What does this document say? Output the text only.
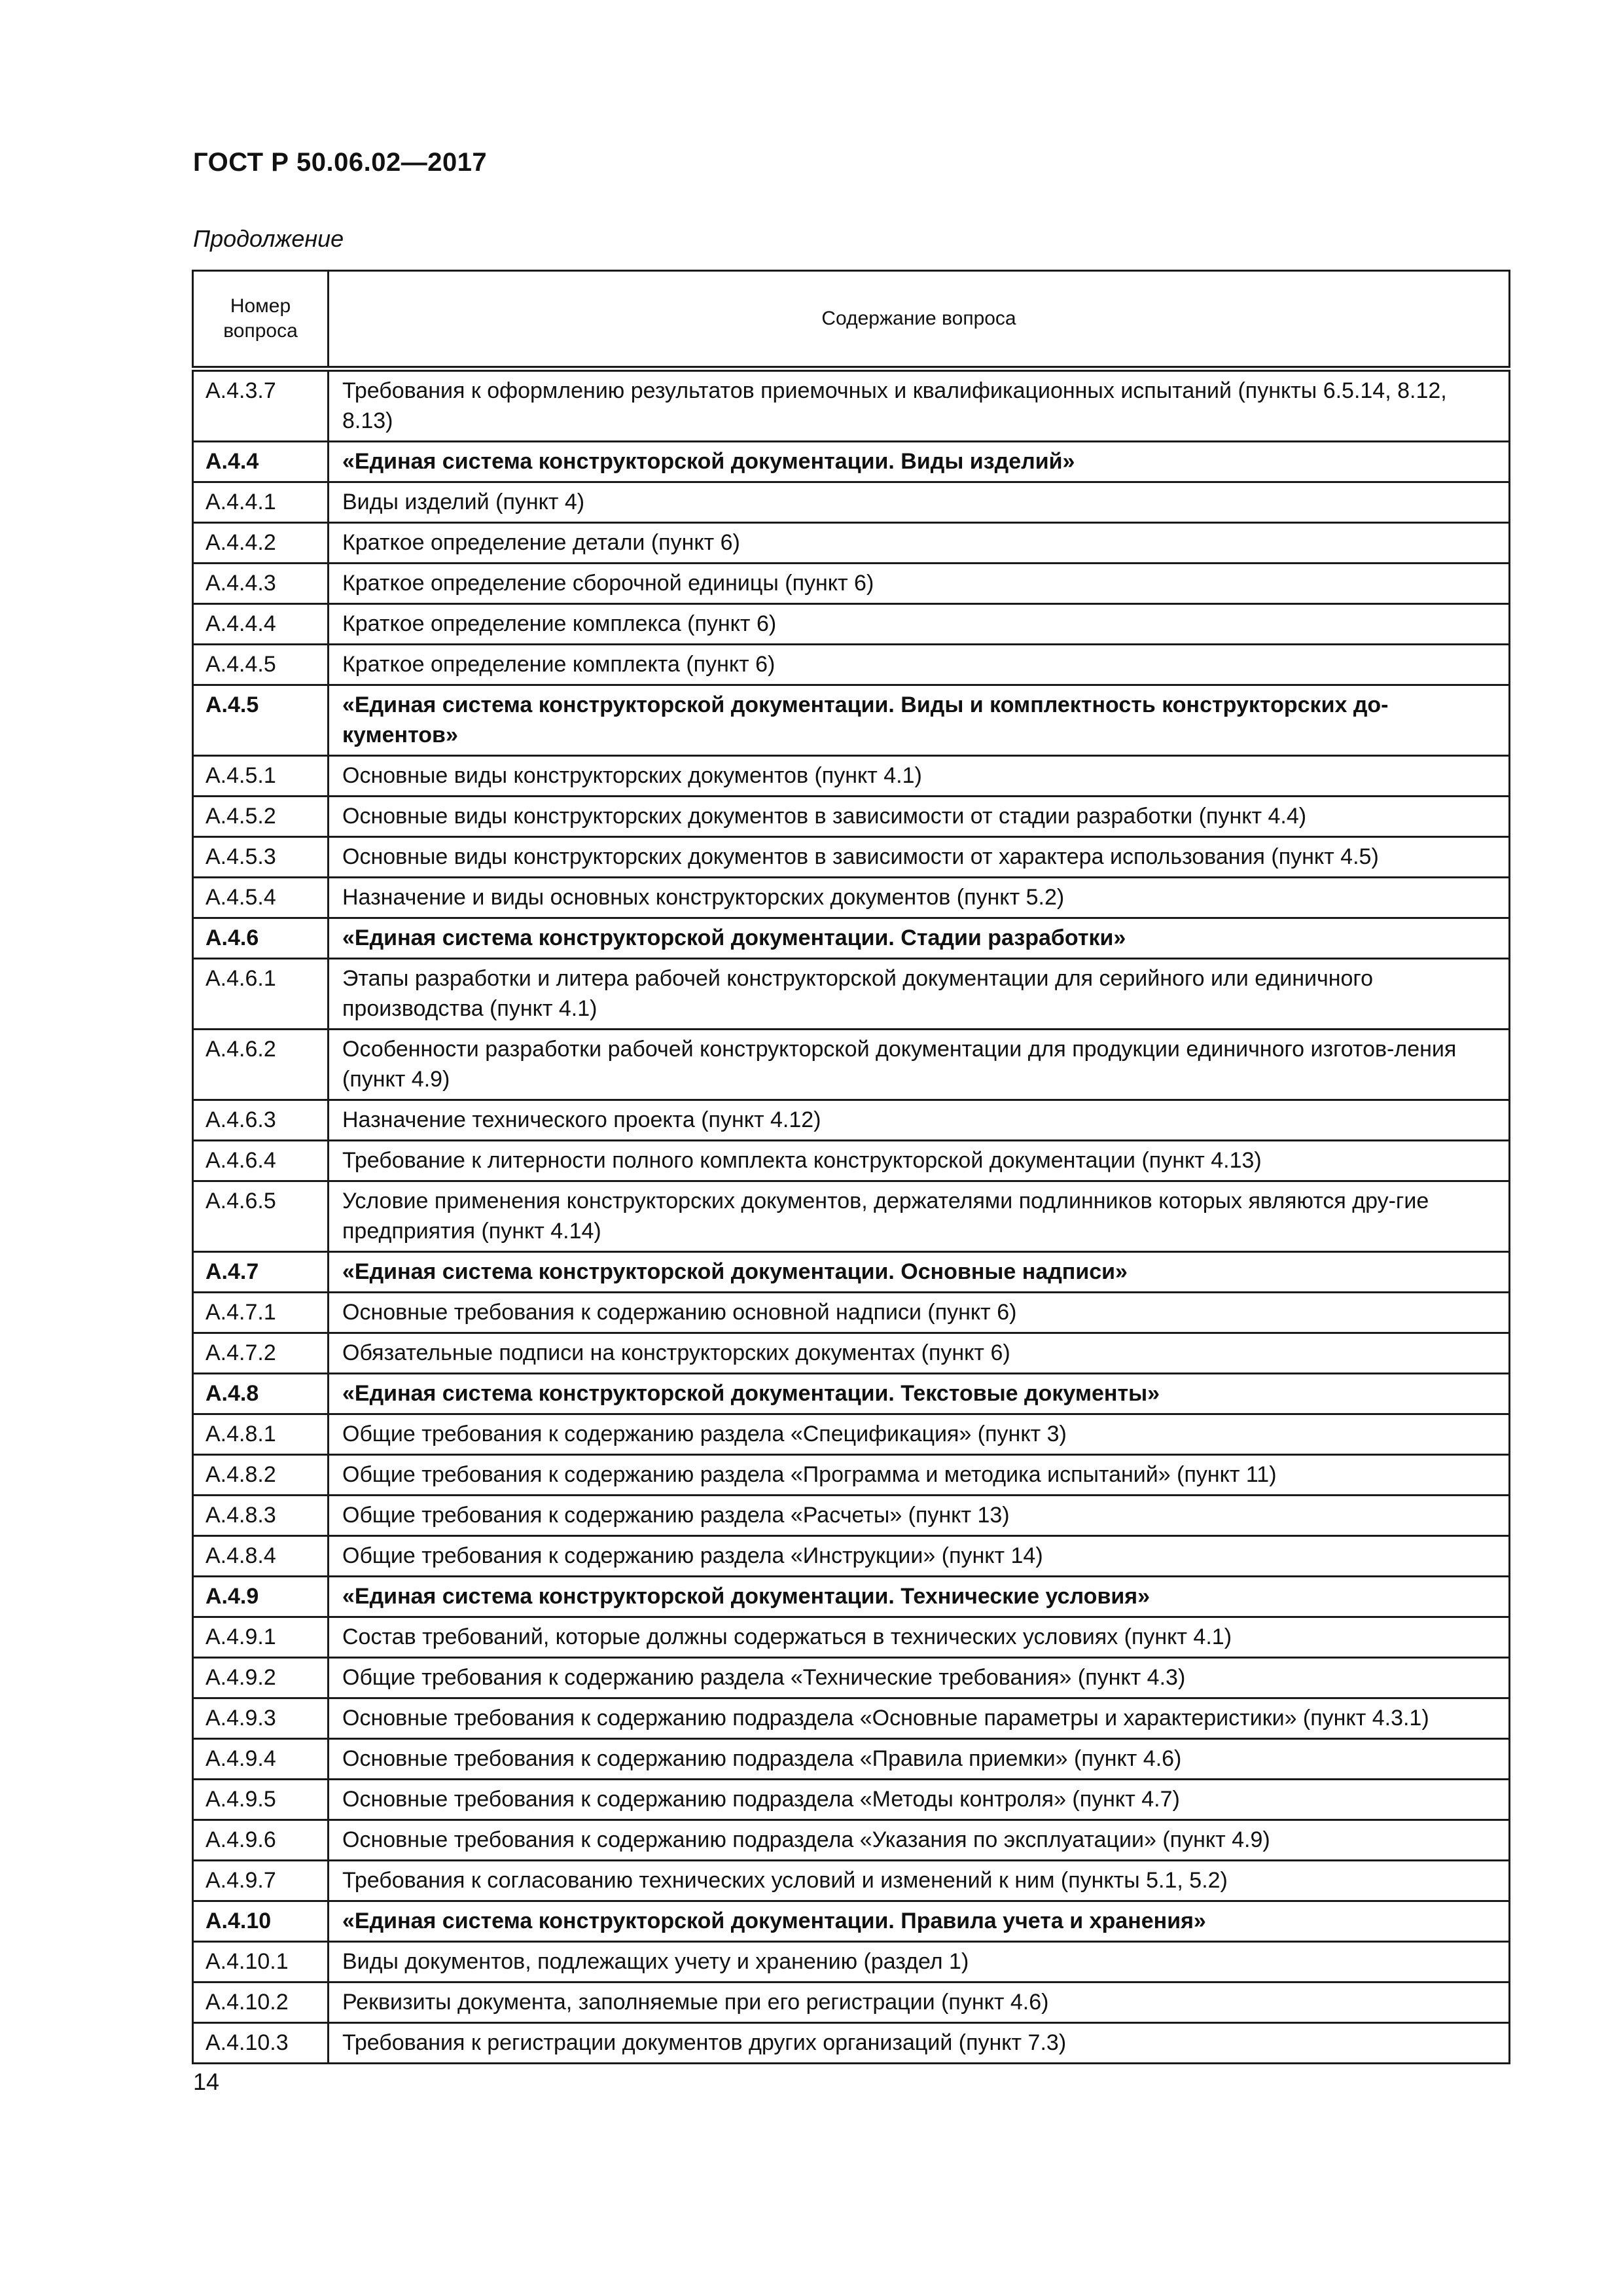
ГОСТ Р 50.06.02—2017
Продолжение
Номер вопроса	Содержание вопроса
А.4.3.7	Требования к оформлению результатов приемочных и квалификационных испытаний (пункты 6.5.14, 8.12, 8.13)
А.4.4	«Единая система конструкторской документации. Виды изделий»
А.4.4.1	Виды изделий (пункт 4)
А.4.4.2	Краткое определение детали (пункт 6)
А.4.4.3	Краткое определение сборочной единицы (пункт 6)
А.4.4.4	Краткое определение комплекса (пункт 6)
А.4.4.5	Краткое определение комплекта (пункт 6)
А.4.5	«Единая система конструкторской документации. Виды и комплектность конструкторских до-кументов»
А.4.5.1	Основные виды конструкторских документов (пункт 4.1)
А.4.5.2	Основные виды конструкторских документов в зависимости от стадии разработки (пункт 4.4)
А.4.5.3	Основные виды конструкторских документов в зависимости от характера использования (пункт 4.5)
А.4.5.4	Назначение и виды основных конструкторских документов (пункт 5.2)
А.4.6	«Единая система конструкторской документации. Стадии разработки»
А.4.6.1	Этапы разработки и литера рабочей конструкторской документации для серийного или единичного производства (пункт 4.1)
А.4.6.2	Особенности разработки рабочей конструкторской документации для продукции единичного изготов-ления (пункт 4.9)
А.4.6.3	Назначение технического проекта (пункт 4.12)
А.4.6.4	Требование к литерности полного комплекта конструкторской документации (пункт 4.13)
А.4.6.5	Условие применения конструкторских документов, держателями подлинников которых являются дру-гие предприятия (пункт 4.14)
А.4.7	«Единая система конструкторской документации. Основные надписи»
А.4.7.1	Основные требования к содержанию основной надписи (пункт 6)
А.4.7.2	Обязательные подписи на конструкторских документах (пункт 6)
А.4.8	«Единая система конструкторской документации. Текстовые документы»
А.4.8.1	Общие требования к содержанию раздела «Спецификация» (пункт 3)
А.4.8.2	Общие требования к содержанию раздела «Программа и методика испытаний» (пункт 11)
А.4.8.3	Общие требования к содержанию раздела «Расчеты» (пункт 13)
А.4.8.4	Общие требования к содержанию раздела «Инструкции» (пункт 14)
А.4.9	«Единая система конструкторской документации. Технические условия»
А.4.9.1	Состав требований, которые должны содержаться в технических условиях (пункт 4.1)
А.4.9.2	Общие требования к содержанию раздела «Технические требования» (пункт 4.3)
А.4.9.3	Основные требования к содержанию подраздела «Основные параметры и характеристики» (пункт 4.3.1)
А.4.9.4	Основные требования к содержанию подраздела «Правила приемки» (пункт 4.6)
А.4.9.5	Основные требования к содержанию подраздела «Методы контроля» (пункт 4.7)
А.4.9.6	Основные требования к содержанию подраздела «Указания по эксплуатации» (пункт 4.9)
А.4.9.7	Требования к согласованию технических условий и изменений к ним (пункты 5.1, 5.2)
А.4.10	«Единая система конструкторской документации. Правила учета и хранения»
А.4.10.1	Виды документов, подлежащих учету и хранению (раздел 1)
А.4.10.2	Реквизиты документа, заполняемые при его регистрации (пункт 4.6)
А.4.10.3	Требования к регистрации документов других организаций (пункт 7.3)
14
